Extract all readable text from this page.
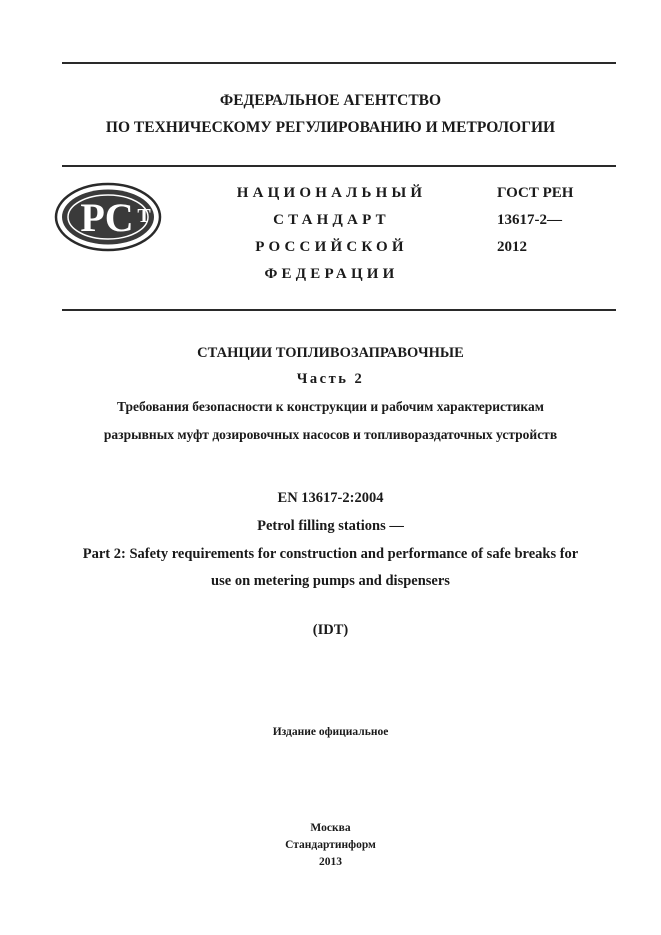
ФЕДЕРАЛЬНОЕ АГЕНТСТВО
ПО ТЕХНИЧЕСКОМУ РЕГУЛИРОВАНИЮ И МЕТРОЛОГИИ
PC T
НАЦИОНАЛЬНЫЙ
СТАНДАРТ
РОССИЙСКОЙ
ФЕДЕРАЦИИ
ГОСТ РЕН
13617-2—
2012
СТАНЦИИ ТОПЛИВОЗАПРАВОЧНЫЕ
Часть 2
Требования безопасности к конструкции и рабочим характеристикам
разрывных муфт дозировочных насосов и топливораздаточных устройств
EN 13617-2:2004
Petrol filling stations —
Part 2: Safety requirements for construction and performance of safe breaks for
use on metering pumps and dispensers
(IDT)
Издание официальное
Москва
Стандартинформ
2013
